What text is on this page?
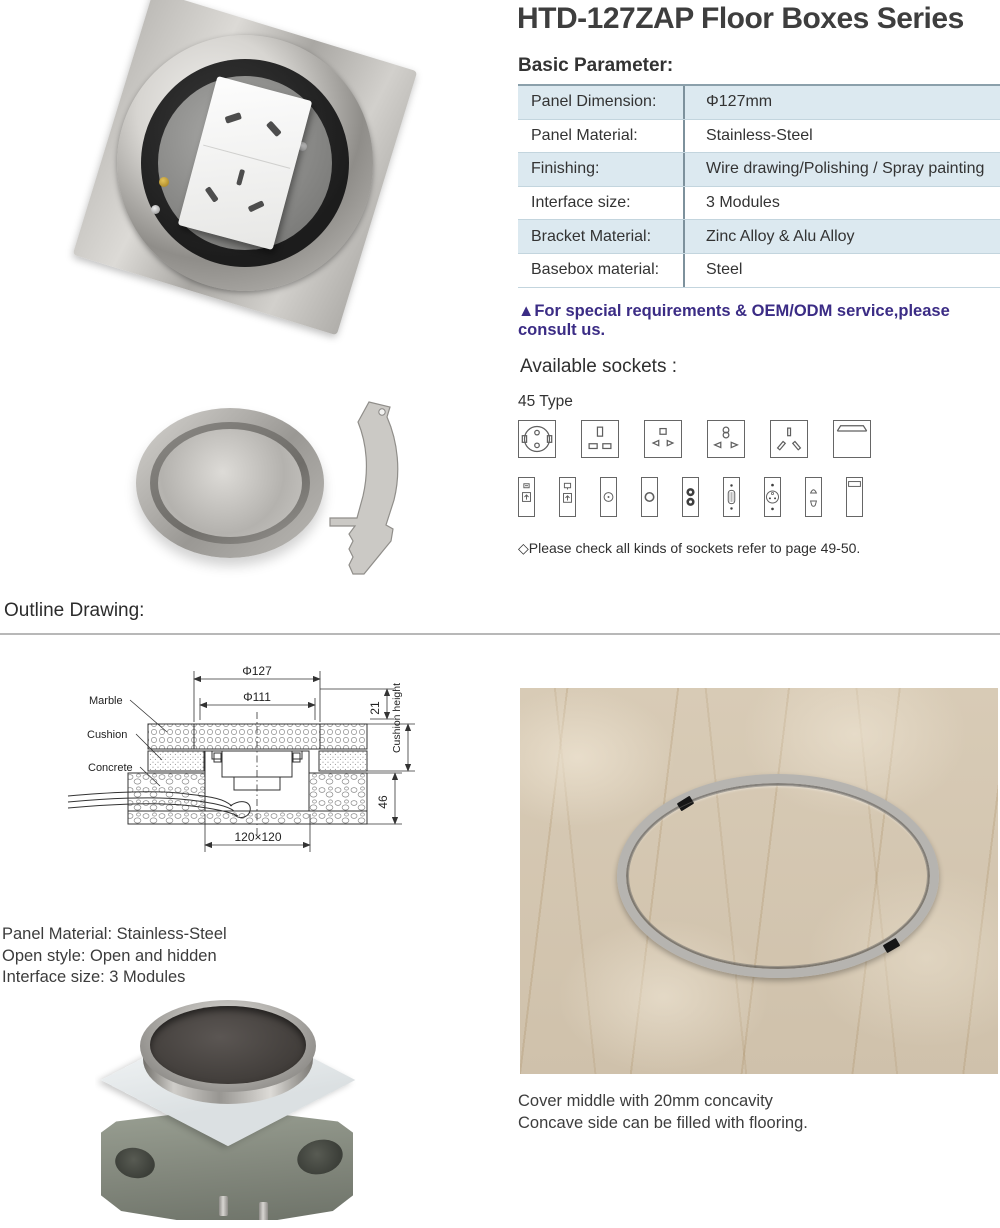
HTD-127ZAP Floor Boxes Series
Basic Parameter:
Panel Dimension:	Φ127mm
Panel Material:	Stainless-Steel
Finishing:	Wire drawing/Polishing / Spray painting
Interface size:	3 Modules
Bracket Material:	Zinc Alloy & Alu Alloy
Basebox material:	Steel
▲For special requirements & OEM/ODM service,please consult us.
Available sockets :
45 Type
◇Please check all kinds of sockets refer to page 49-50.
Outline Drawing:
Φ127
Φ111
21 Cushion height
46
120×120
Marble
Cushion
Concrete
Panel Material: Stainless-Steel
Open style: Open and hidden
Interface size: 3 Modules
Cover middle with 20mm concavity
Concave side can be filled with flooring.
